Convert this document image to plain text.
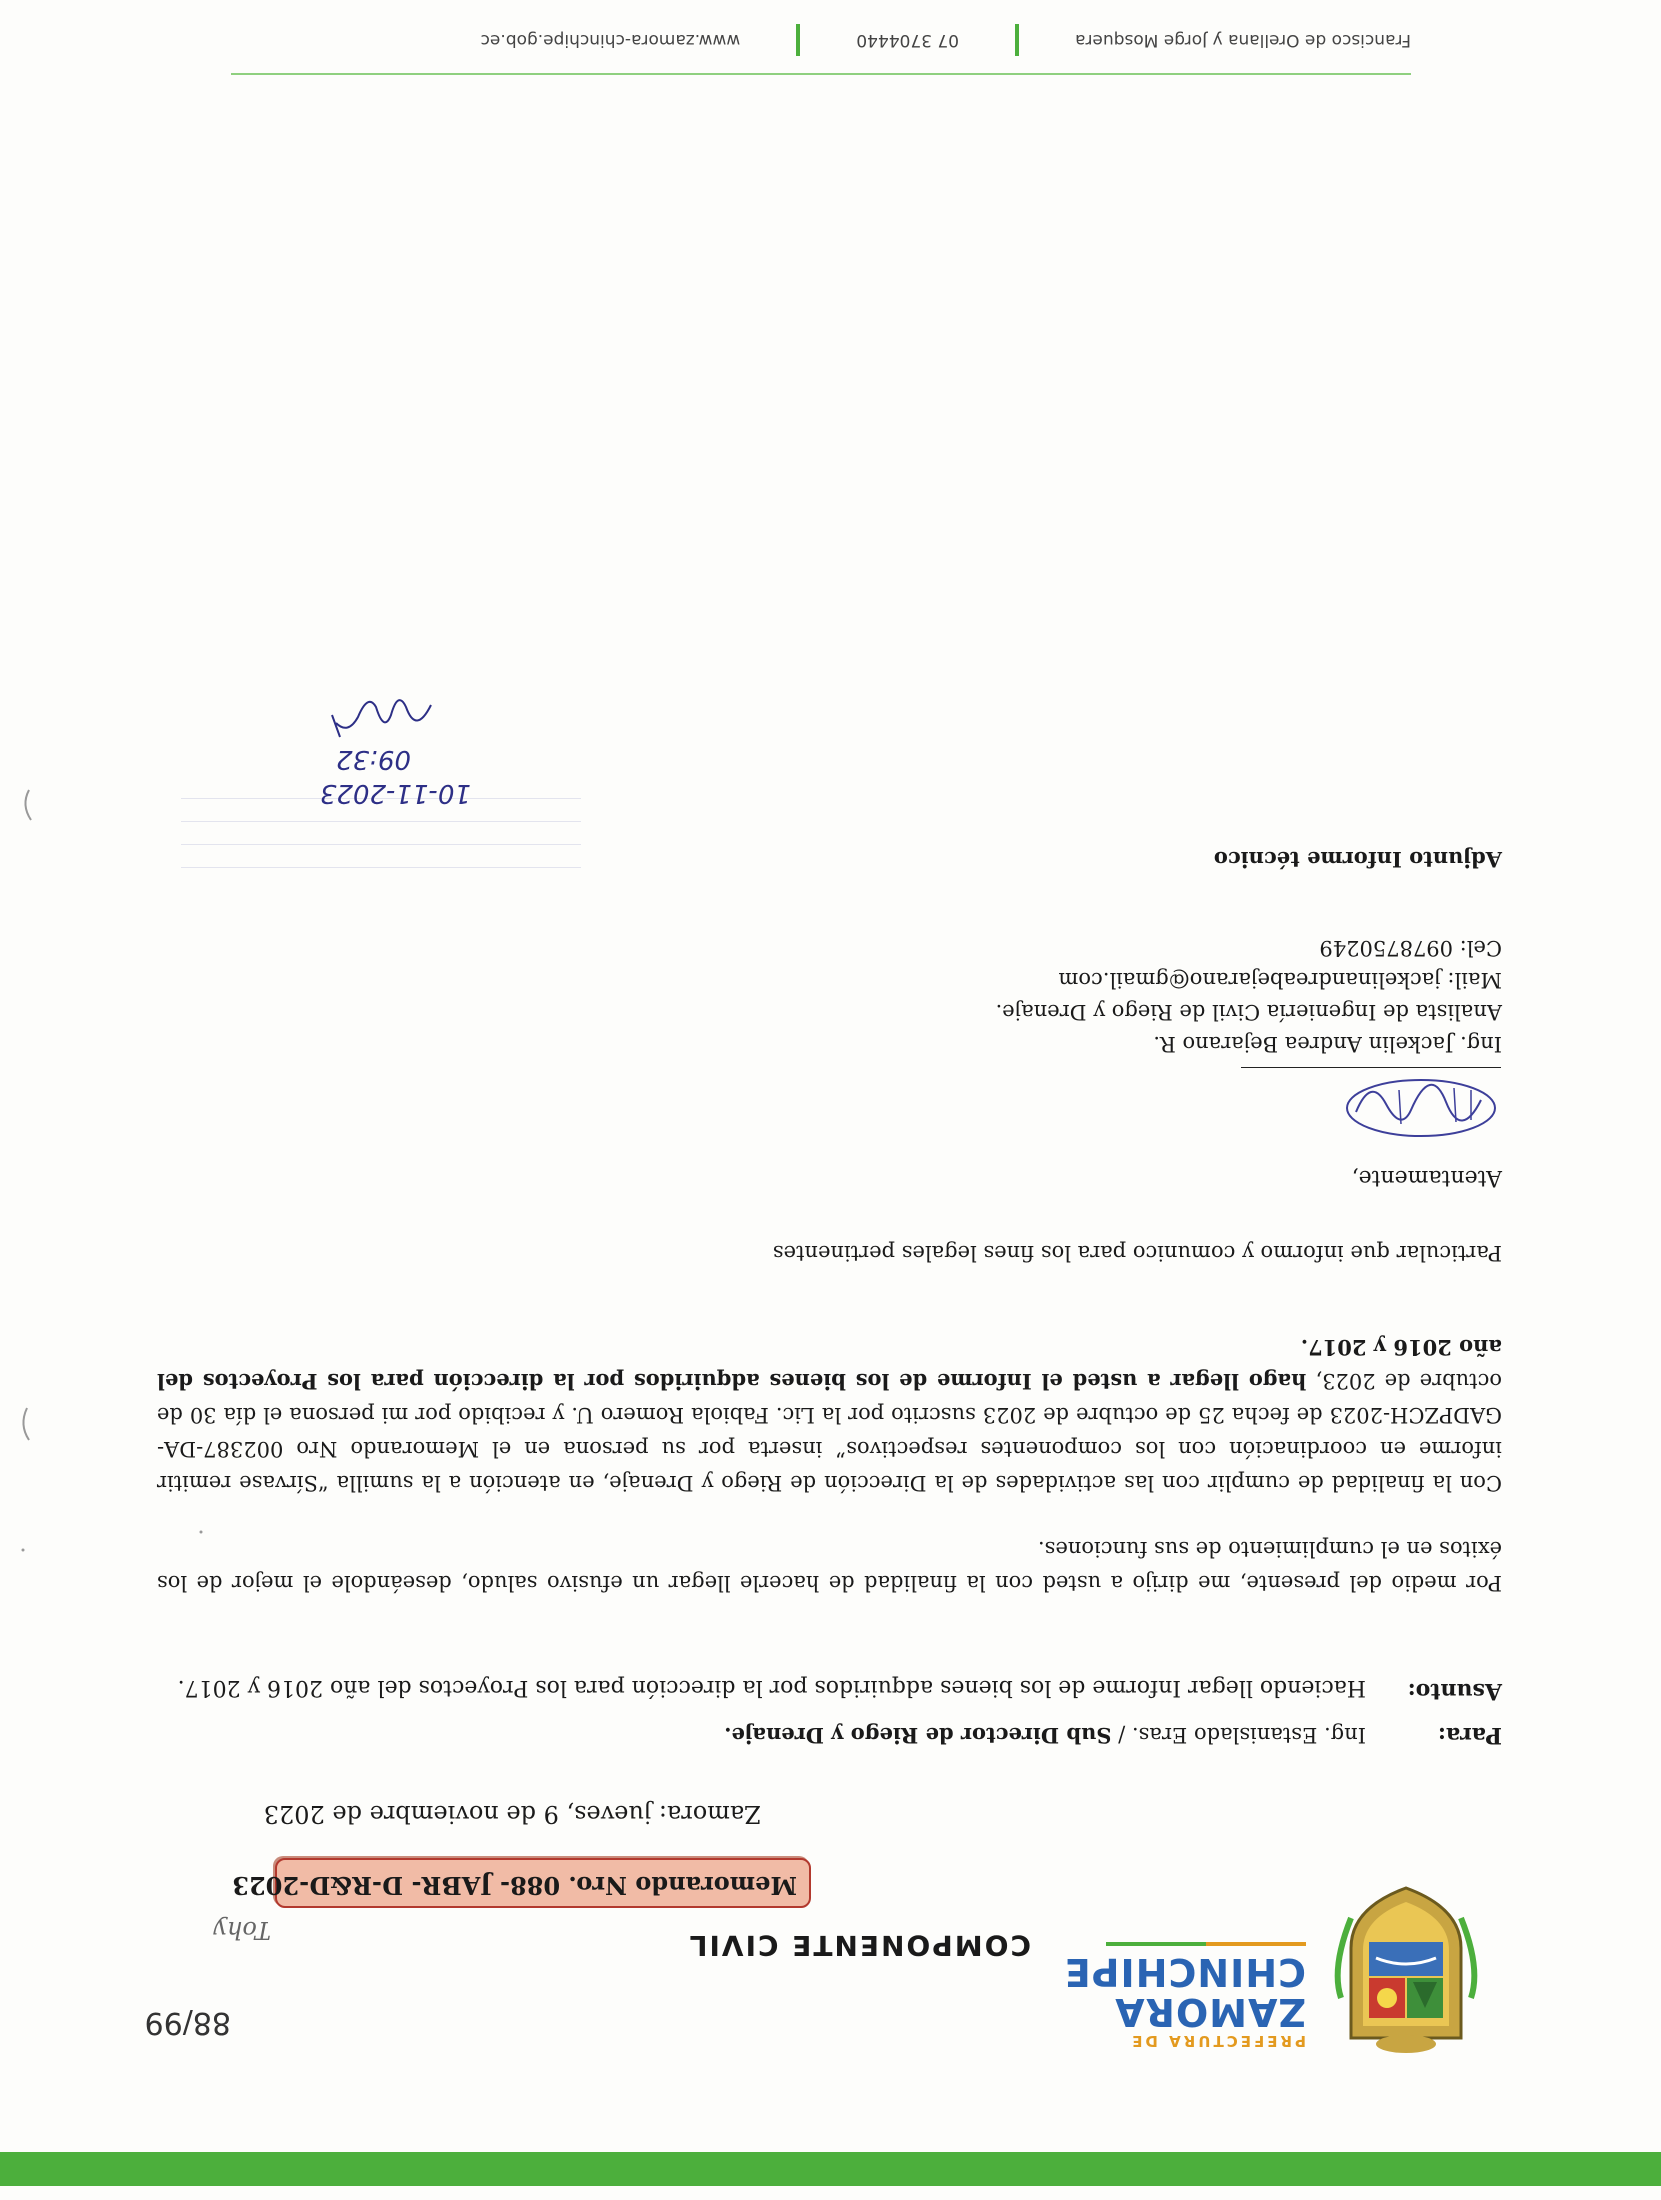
PREFECTURA DE
ZAMORA
CHINCHIPE
88/99
COMPONENTE CIVIL
Tohy
Memorando Nro. 088- JABR- D-R&D-2023
Zamora: jueves, 9 de noviembre de 2023
Para:
Ing. Estanislado Eras. / Sub Director de Riego y Drenaje.
Asunto:
Haciendo llegar Informe de los bienes adquiridos por la dirección para los Proyectos del año 2016 y 2017.
Por medio del presente, me dirijo a usted con la finalidad de hacerle llegar un efusivo saludo, deseándole el mejor de los éxitos en el cumplimiento de sus funciones.
Con la finalidad de cumplir con las actividades de la Dirección de Riego y Drenaje, en atención a la sumilla “Sírvase remitir informe en coordinación con los componentes respectivos” inserta por su persona en el Memorando Nro 002387-DA-GADPZCH-2023 de fecha 25 de octubre de 2023 suscrito por la Lic. Fabiola Romero U. y recibido por mi persona el día 30 de octubre de 2023, hago llegar a usted el Informe de los bienes adquiridos por la dirección para los Proyectos del año 2016 y 2017.
Particular que informo y comunico para los fines legales pertinentes
Atentamente,
Ing. Jackelin Andrea Bejarano R.
Analista de Ingeniería Civil de Riego y Drenaje.
Mail: jackelinandreabejarano@gmail.com
Cel: 0978750249
Adjunto Informe técnico
10-11-2023
09:32
Francisco de Orellana y Jorge Mosquera
07 3704440
www.zamora-chinchipe.gob.ec
